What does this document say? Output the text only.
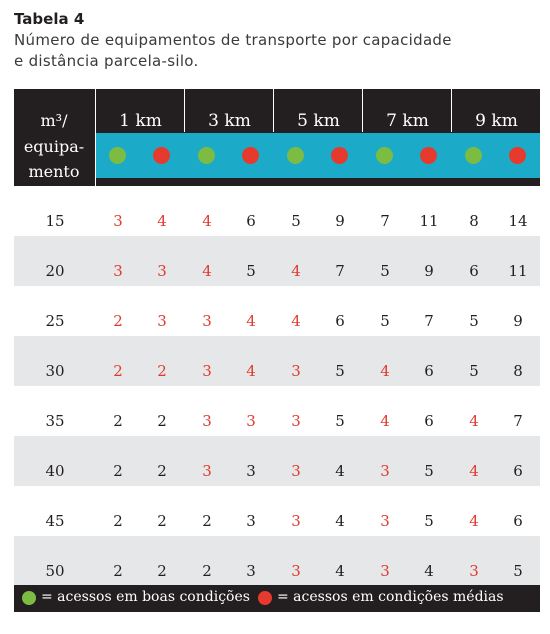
Tabela 4
Número de equipamentos de transporte por capacidade
e distância parcela-silo.
m³/
equipa-
mento
1 km	3 km	5 km	7 km	9 km
15	3	4	4	6	5	9	7	11	8	14
20	3	3	4	5	4	7	5	9	6	11
25	2	3	3	4	4	6	5	7	5	9
30	2	2	3	4	3	5	4	6	5	8
35	2	2	3	3	3	5	4	6	4	7
40	2	2	3	3	3	4	3	5	4	6
45	2	2	2	3	3	4	3	5	4	6
50	2	2	2	3	3	4	3	4	3	5
= acessos em boas condições = acessos em condições médias
